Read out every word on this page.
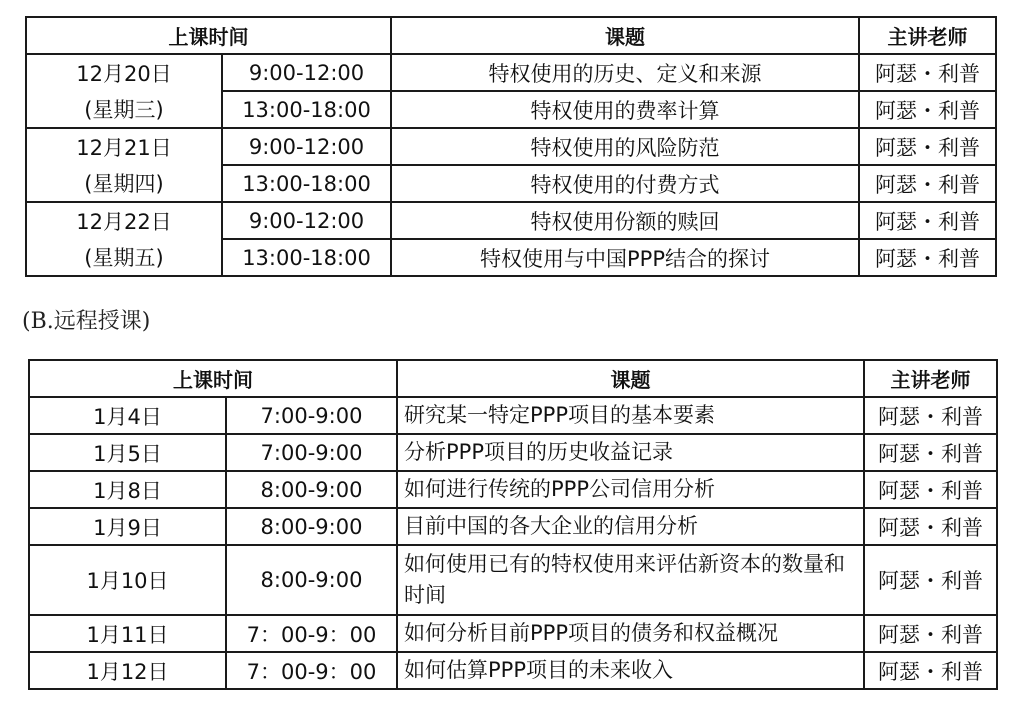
上课时间		课题	主讲老师
12月20日	9:00-12:00	特权使用的历史、定义和来源	阿瑟・利普
(星期三)	13:00-18:00	特权使用的费率计算	阿瑟・利普
12月21日	9:00-12:00	特权使用的风险防范	阿瑟・利普
(星期四)	13:00-18:00	特权使用的付费方式	阿瑟・利普
12月22日	9:00-12:00	特权使用份额的赎回	阿瑟・利普
(星期五)	13:00-18:00	特权使用与中国PPP结合的探讨	阿瑟・利普
(B.远程授课)
上课时间		课题	主讲老师
1月4日	7:00-9:00	研究某一特定PPP项目的基本要素	阿瑟・利普
1月5日	7:00-9:00	分析PPP项目的历史收益记录	阿瑟・利普
1月8日	8:00-9:00	如何进行传统的PPP公司信用分析	阿瑟・利普
1月9日	8:00-9:00	目前中国的各大企业的信用分析	阿瑟・利普
1月10日	8:00-9:00	如何使用已有的特权使用来评估新资本的数量和时间	阿瑟・利普
1月11日	7：00-9：00	如何分析目前PPP项目的债务和权益概况	阿瑟・利普
1月12日	7：00-9：00	如何估算PPP项目的未来收入	阿瑟・利普
